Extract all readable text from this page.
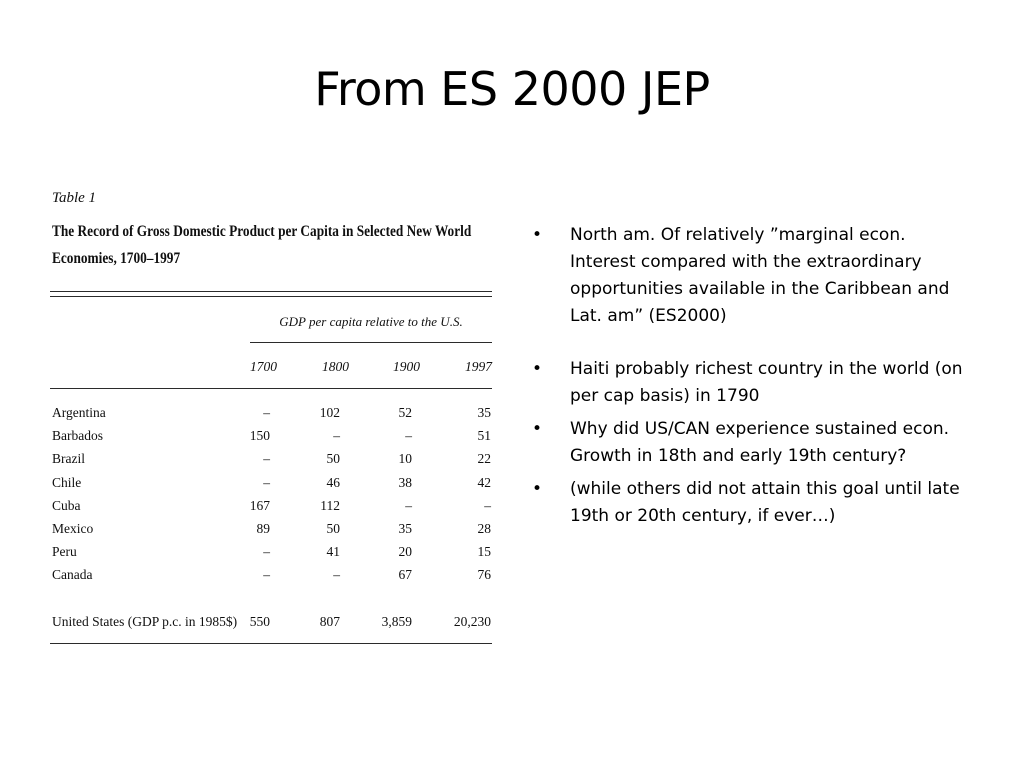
From ES 2000 JEP
Table 1
The Record of Gross Domestic Product per Capita in Selected New World
Economies, 1700–1997
GDP per capita relative to the U.S.
1700	1800	1900	1997
Argentina	–	102	52	35
Barbados	150	–	–	51
Brazil	–	50	10	22
Chile	–	46	38	42
Cuba	167	112	–	–
Mexico	89	50	35	28
Peru	–	41	20	15
Canada	–	–	67	76
United States (GDP p.c. in 1985$) 550	807	3,859	20,230
• North am. Of relatively ”marginal econ. Interest compared with the extraordinary opportunities available in the Caribbean and Lat. am” (ES2000)
• Haiti probably richest country in the world (on per cap basis) in 1790
• Why did US/CAN experience sustained econ. Growth in 18th and early 19th century?
• (while others did not attain this goal until late 19th or 20th century, if ever…)
